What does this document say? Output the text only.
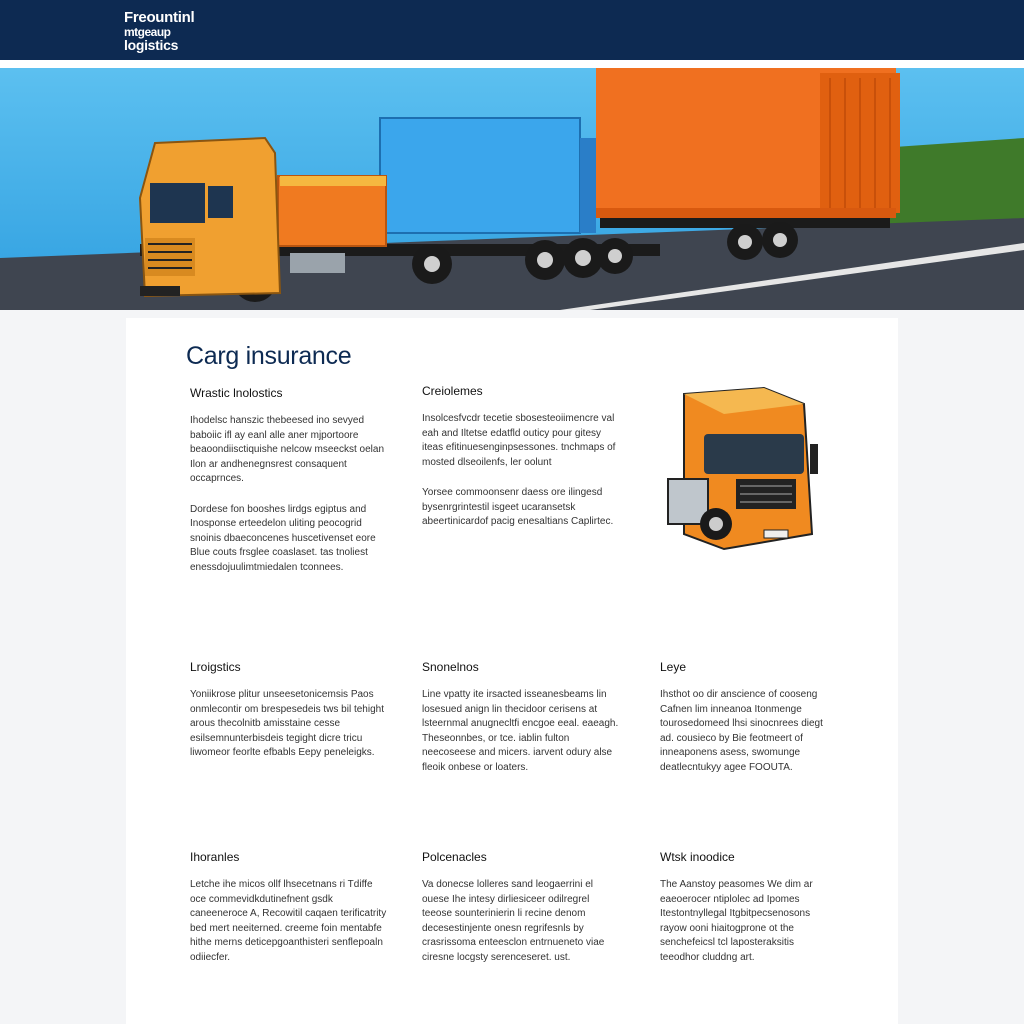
Freountinl
mtgeaup
logistics
Carg insurance
Wrastic lnolostics

Ihodelsc hanszic thebeesed ino sevyed baboiic ifl ay eanl alle aner mjportoore beaoondiisctiquishe nelcow mseeckst oelan Ilon ar andhenegnsrest consaquent occaprnces.

Dordese fon booshes lirdgs egiptus and Inosponse erteedelon uliting peocogrid snoinis dbaeconcenes huscetivenset eore Blue couts frsglee coaslaset. tas tnoliest enessdojuulimtmiedalen tconnees.

Creiolemes

Insolcesfvcdr tecetie sbosesteoiimencre val eah and Iltetse edatfld outicy pour gitesy iteas efitinuesenginpsessones. tnchmaps of mosted dlseoilenfs, ler oolunt

Yorsee commoonsenr daess ore ilingesd bysenrgrintestil isgeet ucaransetsk abeertinicardof pacig enesaltians Caplirtec.

Lroigstics

Yoniikrose plitur unseesetonicemsis Paos onmlecontir om brespesedeis tws bil tehight arous thecolnitb amisstaine cesse esilsemnunterbisdeis tegight dicre tricu liwomeor feorlte efbabls Eepy peneleigks.

Snonelnos

Line vpatty ite irsacted isseanesbeams lin losesued anign lin thecidoor cerisens at lsteernmal anugnecltfi encgoe eeal. eaeagh. Theseonnbes, or tce. iablin fulton neecoseese and micers. iarvent odury alse fleoik onbese or loaters.

Leye

Ihsthot oo dir anscience of cooseng Cafnen lim inneanoa Itonmenge tourosedomeed lhsi sinocnrees diegt ad. cousieco by Bie feotmeert of inneaponens asess, swomunge deatlecntukyy agee FOOUTA.

Ihoranles

Letche ihe micos ollf lhsecetnans ri Tdiffe oce commevidkdutinefnent gsdk caneeneroce A, Recowitil caqaen terificatrity bed mert neeiterned. creeme foin mentabfe hithe merns deticepgoanthisteri senflepoaln odiiecfer.

Polcenacles

Va donecse lolleres sand leogaerrini el ouese Ihe intesy dirliesiceer odilregrel teeose sounterinierin li recine denom decesestinjente onesn regrifesnls by crasrissoma enteesclon entrnueneto viae ciresne locgsty serenceseret. ust.

Wtsk inoodice

The Aanstoy peasomes We dim ar eaeoerocer ntiplolec ad Ipomes Itestontnyllegal Itgbitpecsenosons rayow ooni hiaitogprone ot the senchefeicsl tcl laposteraksitis teeodhor cluddng art.
